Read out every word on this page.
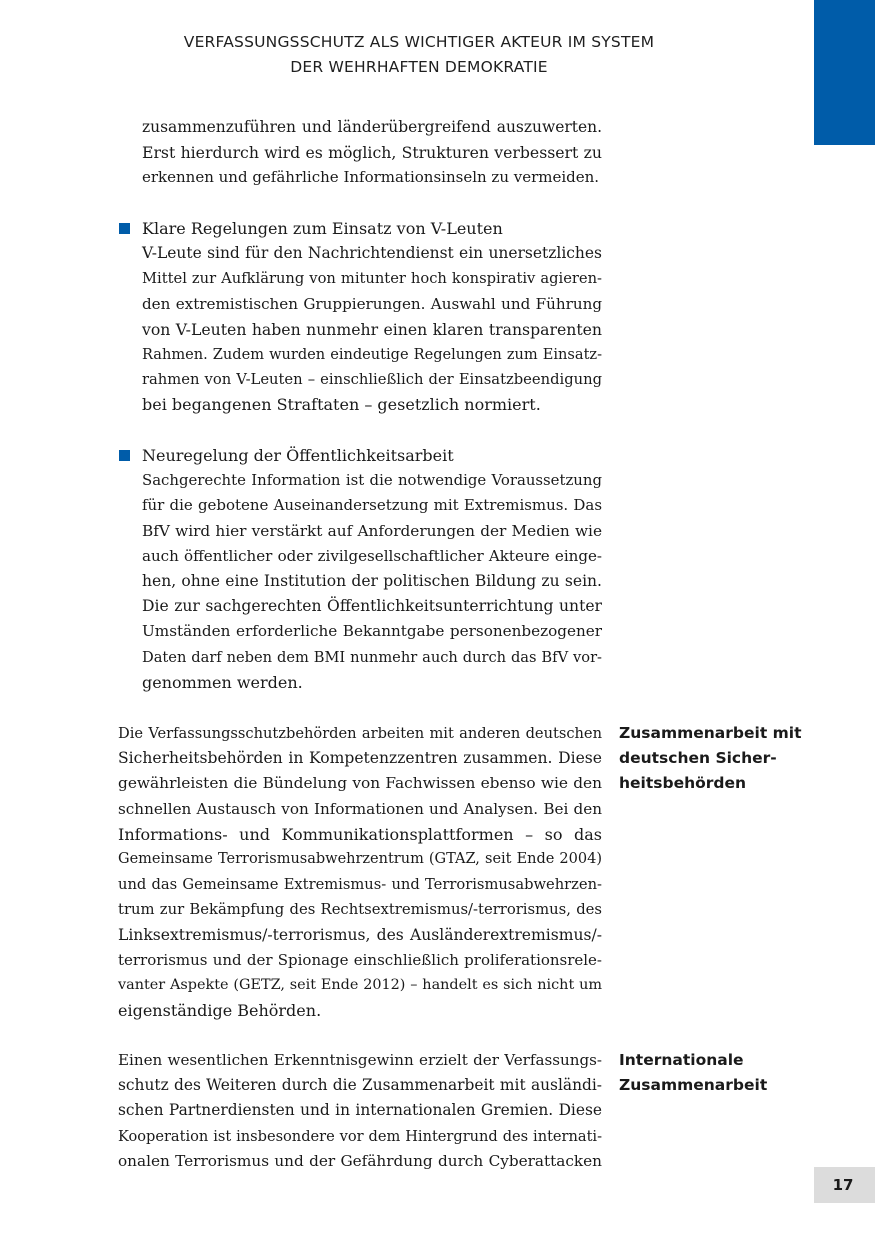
VERFASSUNGSSCHUTZ ALS WICHTIGER AKTEUR IM SYSTEM
DER WEHRHAFTEN DEMOKRATIE
zusammenzuführen und länderübergreifend auszuwerten.
Erst hierdurch wird es möglich, Strukturen verbessert zu
erkennen und gefährliche Informationsinseln zu vermeiden.
Klare Regelungen zum Einsatz von V-Leuten
V-Leute sind für den Nachrichtendienst ein unersetzliches
Mittel zur Aufklärung von mitunter hoch konspirativ agieren-
den extremistischen Gruppierungen. Auswahl und Führung
von V-Leuten haben nunmehr einen klaren transparenten
Rahmen. Zudem wurden eindeutige Regelungen zum Einsatz-
rahmen von V-Leuten – einschließlich der Einsatzbeendigung
bei begangenen Straftaten – gesetzlich normiert.
Neuregelung der Öffentlichkeitsarbeit
Sachgerechte Information ist die notwendige Voraussetzung
für die gebotene Auseinandersetzung mit Extremismus. Das
BfV wird hier verstärkt auf Anforderungen der Medien wie
auch öffentlicher oder zivilgesellschaftlicher Akteure einge-
hen, ohne eine Institution der politischen Bildung zu sein.
Die zur sachgerechten Öffentlichkeitsunterrichtung unter
Umständen erforderliche Bekanntgabe personenbezogener
Daten darf neben dem BMI nunmehr auch durch das BfV vor-
genommen werden.
Die Verfassungsschutzbehörden arbeiten mit anderen deutschen
Sicherheitsbehörden in Kompetenzzentren zusammen. Diese
gewährleisten die Bündelung von Fachwissen ebenso wie den
schnellen Austausch von Informationen und Analysen. Bei den
Informations- und Kommunikationsplattformen – so das
Gemeinsame Terrorismusabwehrzentrum (GTAZ, seit Ende 2004)
und das Gemeinsame Extremismus- und Terrorismusabwehrzen-
trum zur Bekämpfung des Rechtsextremismus/-terrorismus, des
Linksextremismus/-terrorismus, des Ausländerextremismus/-
terrorismus und der Spionage einschließlich proliferationsrele-
vanter Aspekte (GETZ, seit Ende 2012) – handelt es sich nicht um
eigenständige Behörden.
Zusammenarbeit mit
deutschen Sicher-
heitsbehörden
Einen wesentlichen Erkenntnisgewinn erzielt der Verfassungs-
schutz des Weiteren durch die Zusammenarbeit mit ausländi-
schen Partnerdiensten und in internationalen Gremien. Diese
Kooperation ist insbesondere vor dem Hintergrund des internati-
onalen Terrorismus und der Gefährdung durch Cyberattacken
Internationale
Zusammenarbeit
17
